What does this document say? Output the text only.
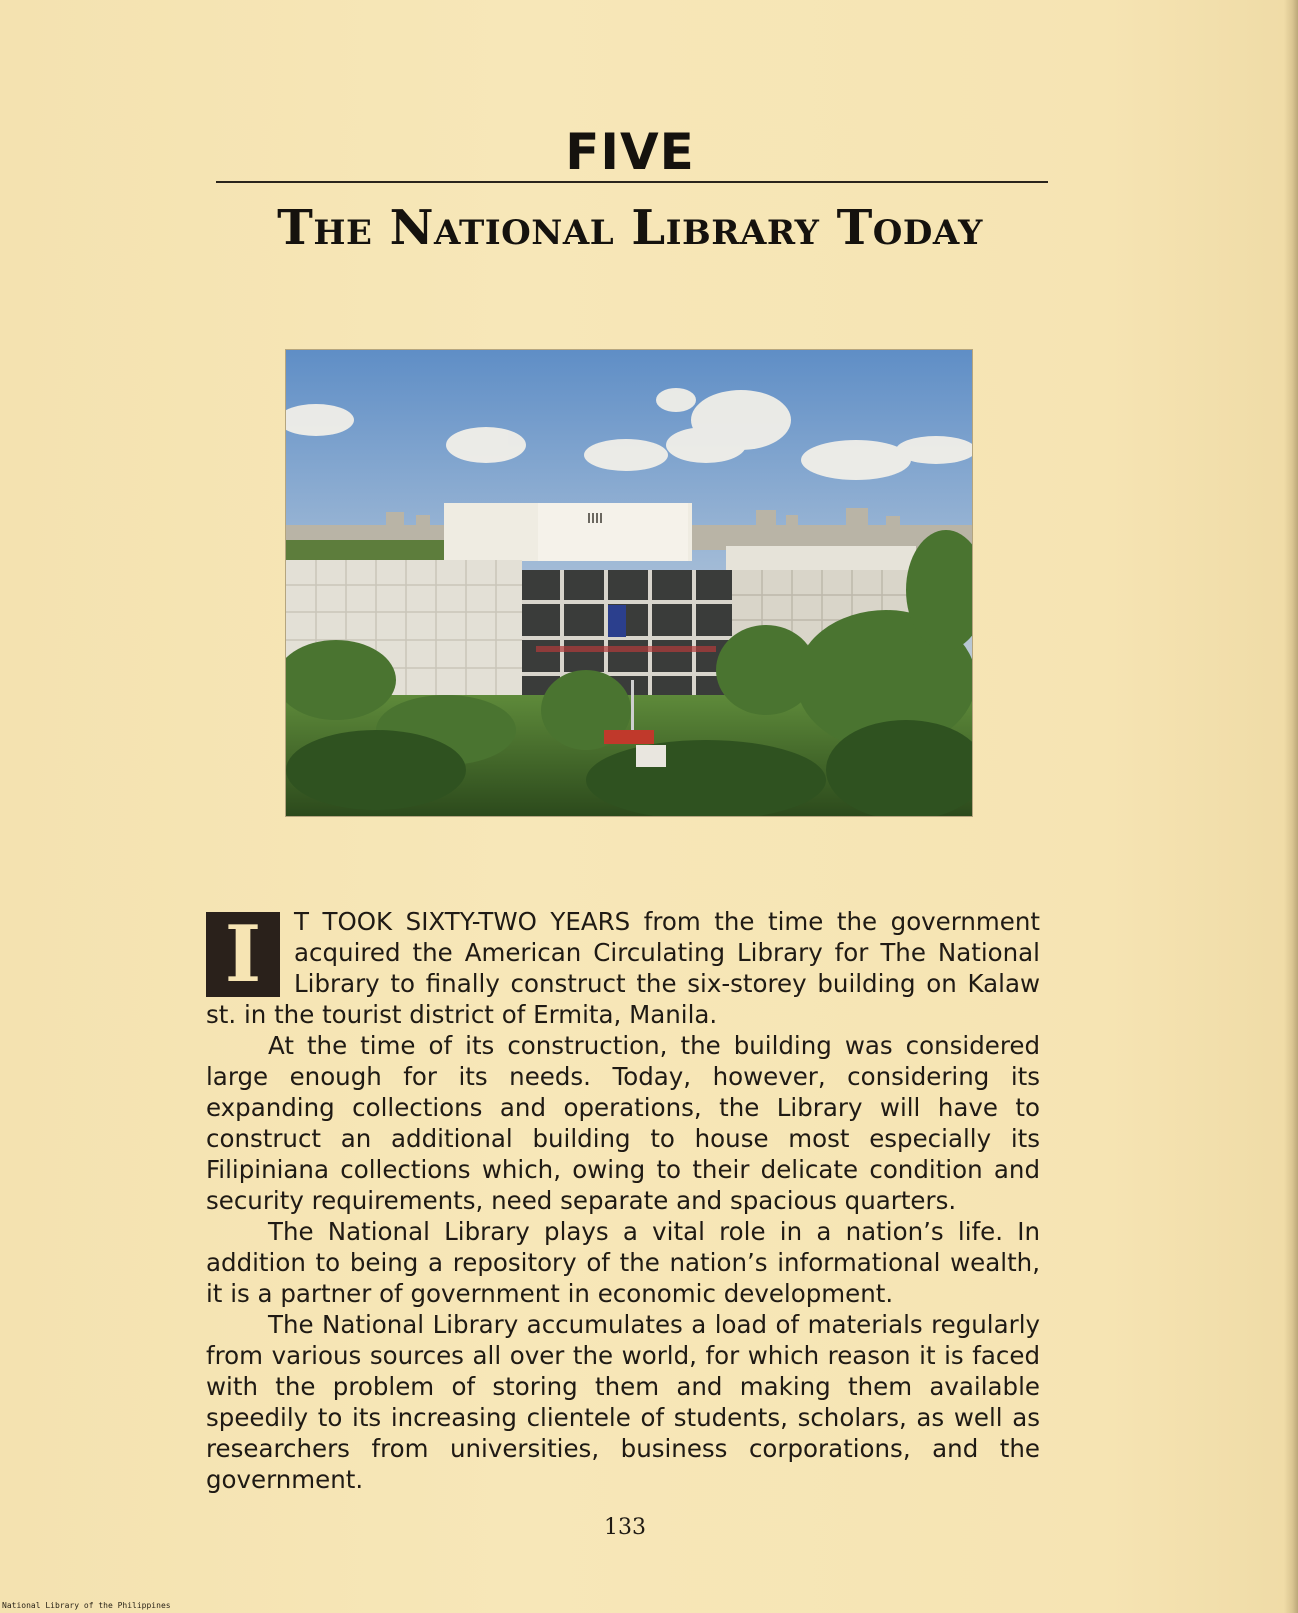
FIVE
The National Library Today

I	T TOOK SIXTY-TWO YEARS from the time the government acquired the American Circulating Library for The National Library to finally construct the six-storey building on Kalaw st. in the tourist district of Ermita, Manila.

At the time of its construction, the building was considered large enough for its needs. Today, however, considering its expanding collections and operations, the Library will have to construct an additional building to house most especially its Filipiniana collections which, owing to their delicate condition and security requirements, need separate and spacious quarters.

The National Library plays a vital role in a nation’s life. In addition to being a repository of the nation’s informational wealth, it is a partner of government in economic development.

The National Library accumulates a load of materials regularly from various sources all over the world, for which reason it is faced with the problem of storing them and making them available speedily to its increasing clientele of students, scholars, as well as researchers from universities, business corporations, and the government.

133
National Library of the Philippines
